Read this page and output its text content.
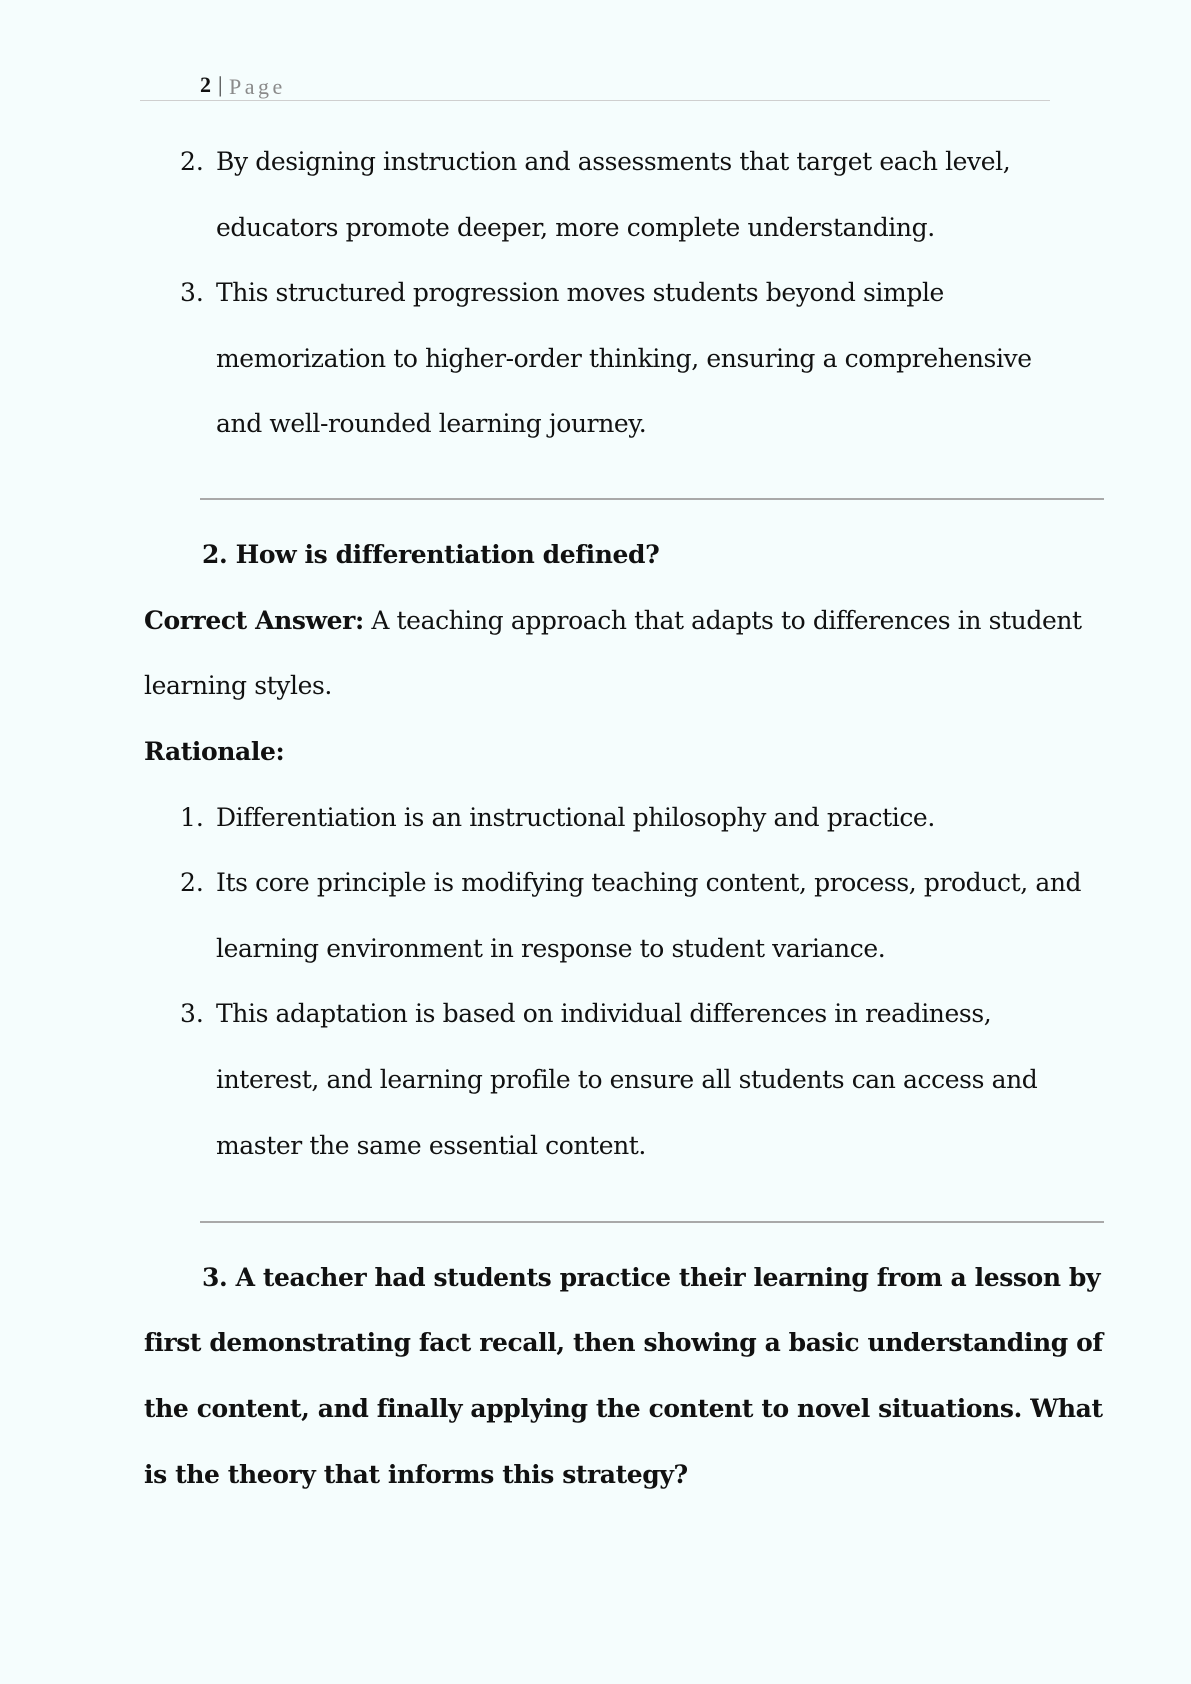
2 | Page
2. By designing instruction and assessments that target each level,
educators promote deeper, more complete understanding.
3. This structured progression moves students beyond simple
memorization to higher-order thinking, ensuring a comprehensive
and well-rounded learning journey.
2. How is differentiation defined?
Correct Answer: A teaching approach that adapts to differences in student
learning styles.
Rationale:
1. Differentiation is an instructional philosophy and practice.
2. Its core principle is modifying teaching content, process, product, and
learning environment in response to student variance.
3. This adaptation is based on individual differences in readiness,
interest, and learning profile to ensure all students can access and
master the same essential content.
3. A teacher had students practice their learning from a lesson by
first demonstrating fact recall, then showing a basic understanding of
the content, and finally applying the content to novel situations. What
is the theory that informs this strategy?
